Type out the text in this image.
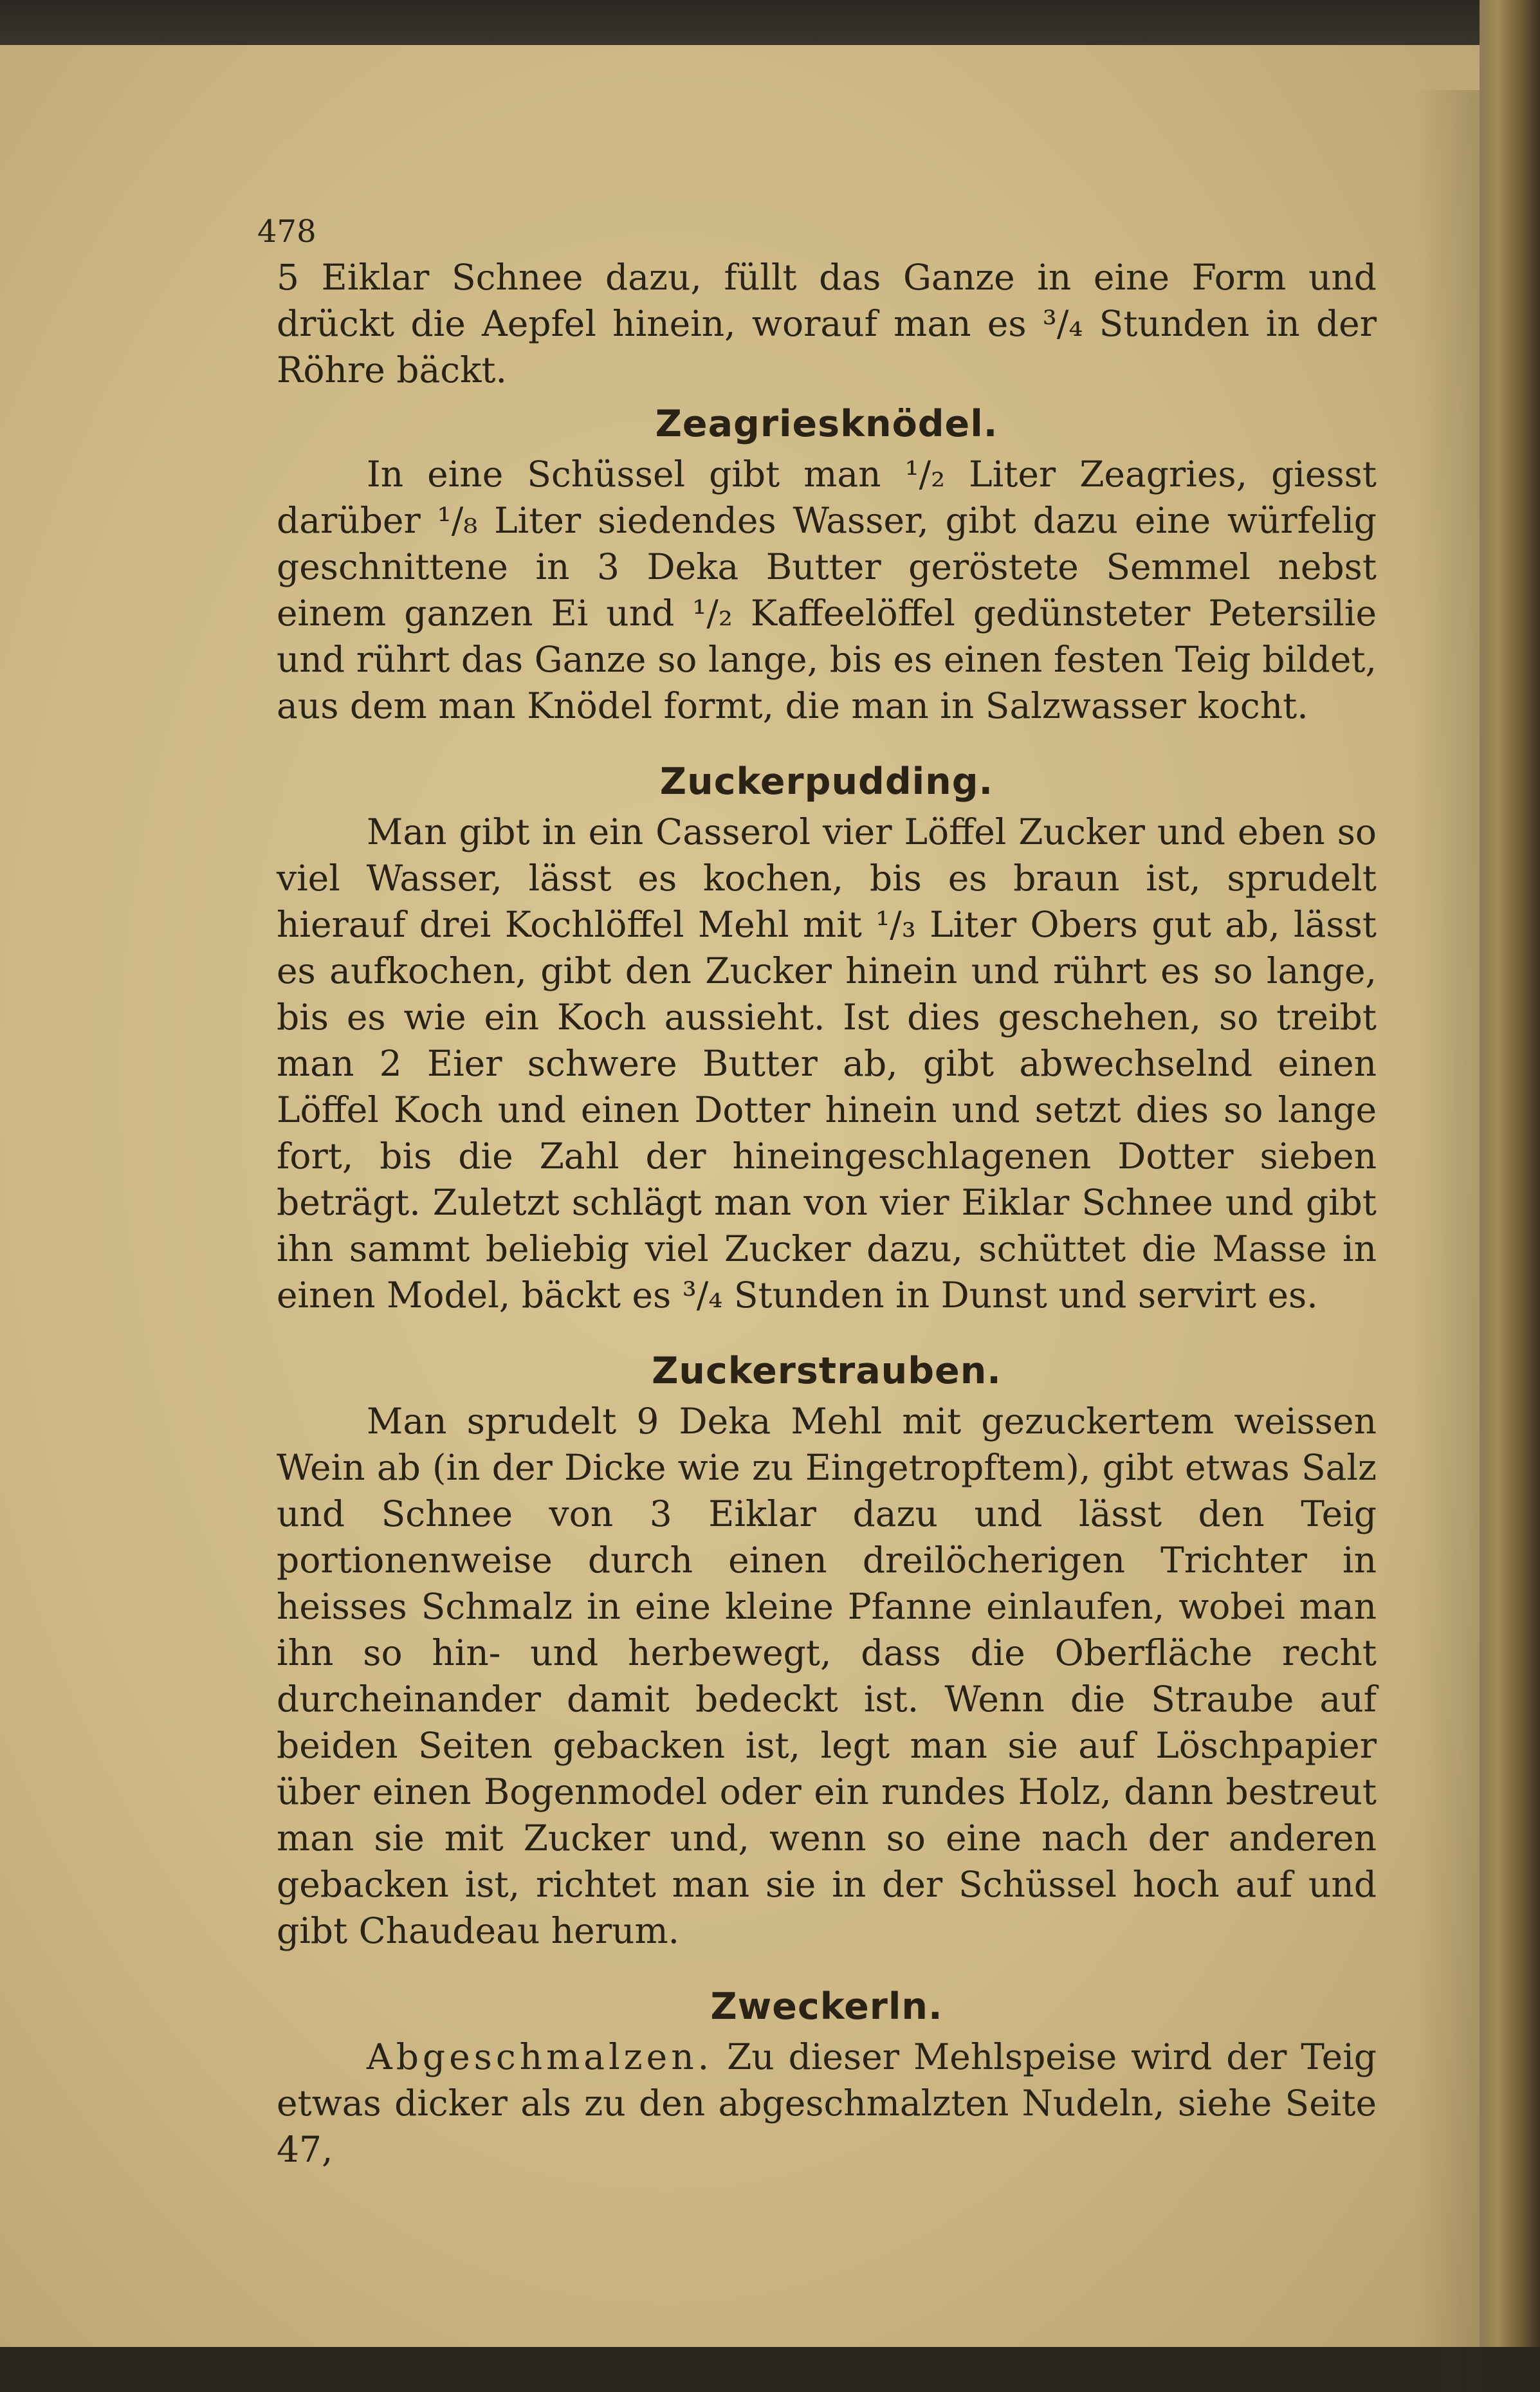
478

5 Eiklar Schnee dazu, füllt das Ganze in eine Form und drückt die Aepfel hinein, worauf man es ³/₄ Stunden in der Röhre bäckt.

Zeagriesknödel.

In eine Schüssel gibt man ¹/₂ Liter Zeagries, giesst darüber ¹/₈ Liter siedendes Wasser, gibt dazu eine würfelig geschnittene in 3 Deka Butter geröstete Semmel nebst einem ganzen Ei und ¹/₂ Kaffeelöffel gedünsteter Petersilie und rührt das Ganze so lange, bis es einen festen Teig bildet, aus dem man Knödel formt, die man in Salzwasser kocht.

Zuckerpudding.

Man gibt in ein Casserol vier Löffel Zucker und eben so viel Wasser, lässt es kochen, bis es braun ist, sprudelt hierauf drei Kochlöffel Mehl mit ¹/₃ Liter Obers gut ab, lässt es aufkochen, gibt den Zucker hinein und rührt es so lange, bis es wie ein Koch aussieht. Ist dies geschehen, so treibt man 2 Eier schwere Butter ab, gibt abwechselnd einen Löffel Koch und einen Dotter hinein und setzt dies so lange fort, bis die Zahl der hineingeschlagenen Dotter sieben beträgt. Zuletzt schlägt man von vier Eiklar Schnee und gibt ihn sammt beliebig viel Zucker dazu, schüttet die Masse in einen Model, bäckt es ³/₄ Stunden in Dunst und servirt es.

Zuckerstrauben.

Man sprudelt 9 Deka Mehl mit gezuckertem weissen Wein ab (in der Dicke wie zu Eingetropftem), gibt etwas Salz und Schnee von 3 Eiklar dazu und lässt den Teig portionenweise durch einen dreilöcherigen Trichter in heisses Schmalz in eine kleine Pfanne einlaufen, wobei man ihn so hin- und herbewegt, dass die Oberfläche recht durcheinander damit bedeckt ist. Wenn die Straube auf beiden Seiten gebacken ist, legt man sie auf Löschpapier über einen Bogenmodel oder ein rundes Holz, dann bestreut man sie mit Zucker und, wenn so eine nach der anderen gebacken ist, richtet man sie in der Schüssel hoch auf und gibt Chaudeau herum.

Zweckerln.

Abgeschmalzen. Zu dieser Mehlspeise wird der Teig etwas dicker als zu den abgeschmalzten Nudeln, siehe Seite 47,
